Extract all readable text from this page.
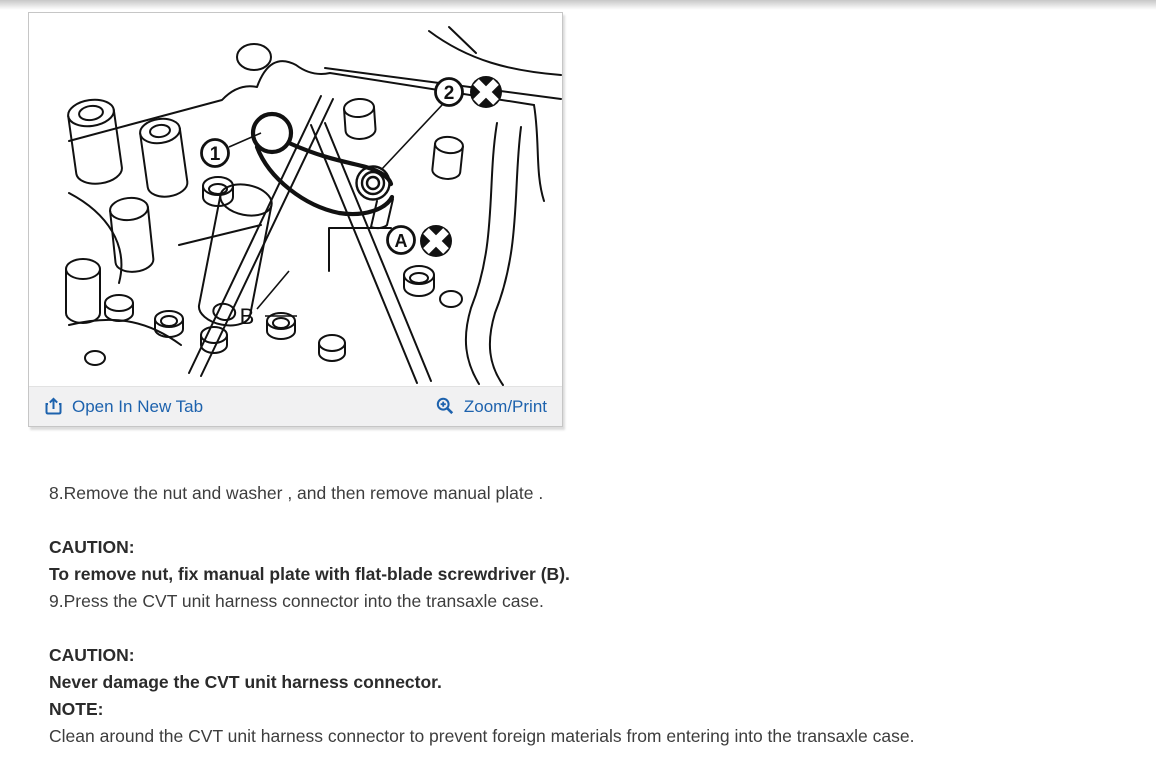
1
2
A
B
Open In New Tab	Zoom/Print
8.Remove the nut and washer , and then remove manual plate .
CAUTION:
To remove nut, fix manual plate with flat-blade screwdriver (B).
9.Press the CVT unit harness connector into the transaxle case.
CAUTION:
Never damage the CVT unit harness connector.
NOTE:
Clean around the CVT unit harness connector to prevent foreign materials from entering into the transaxle case.
